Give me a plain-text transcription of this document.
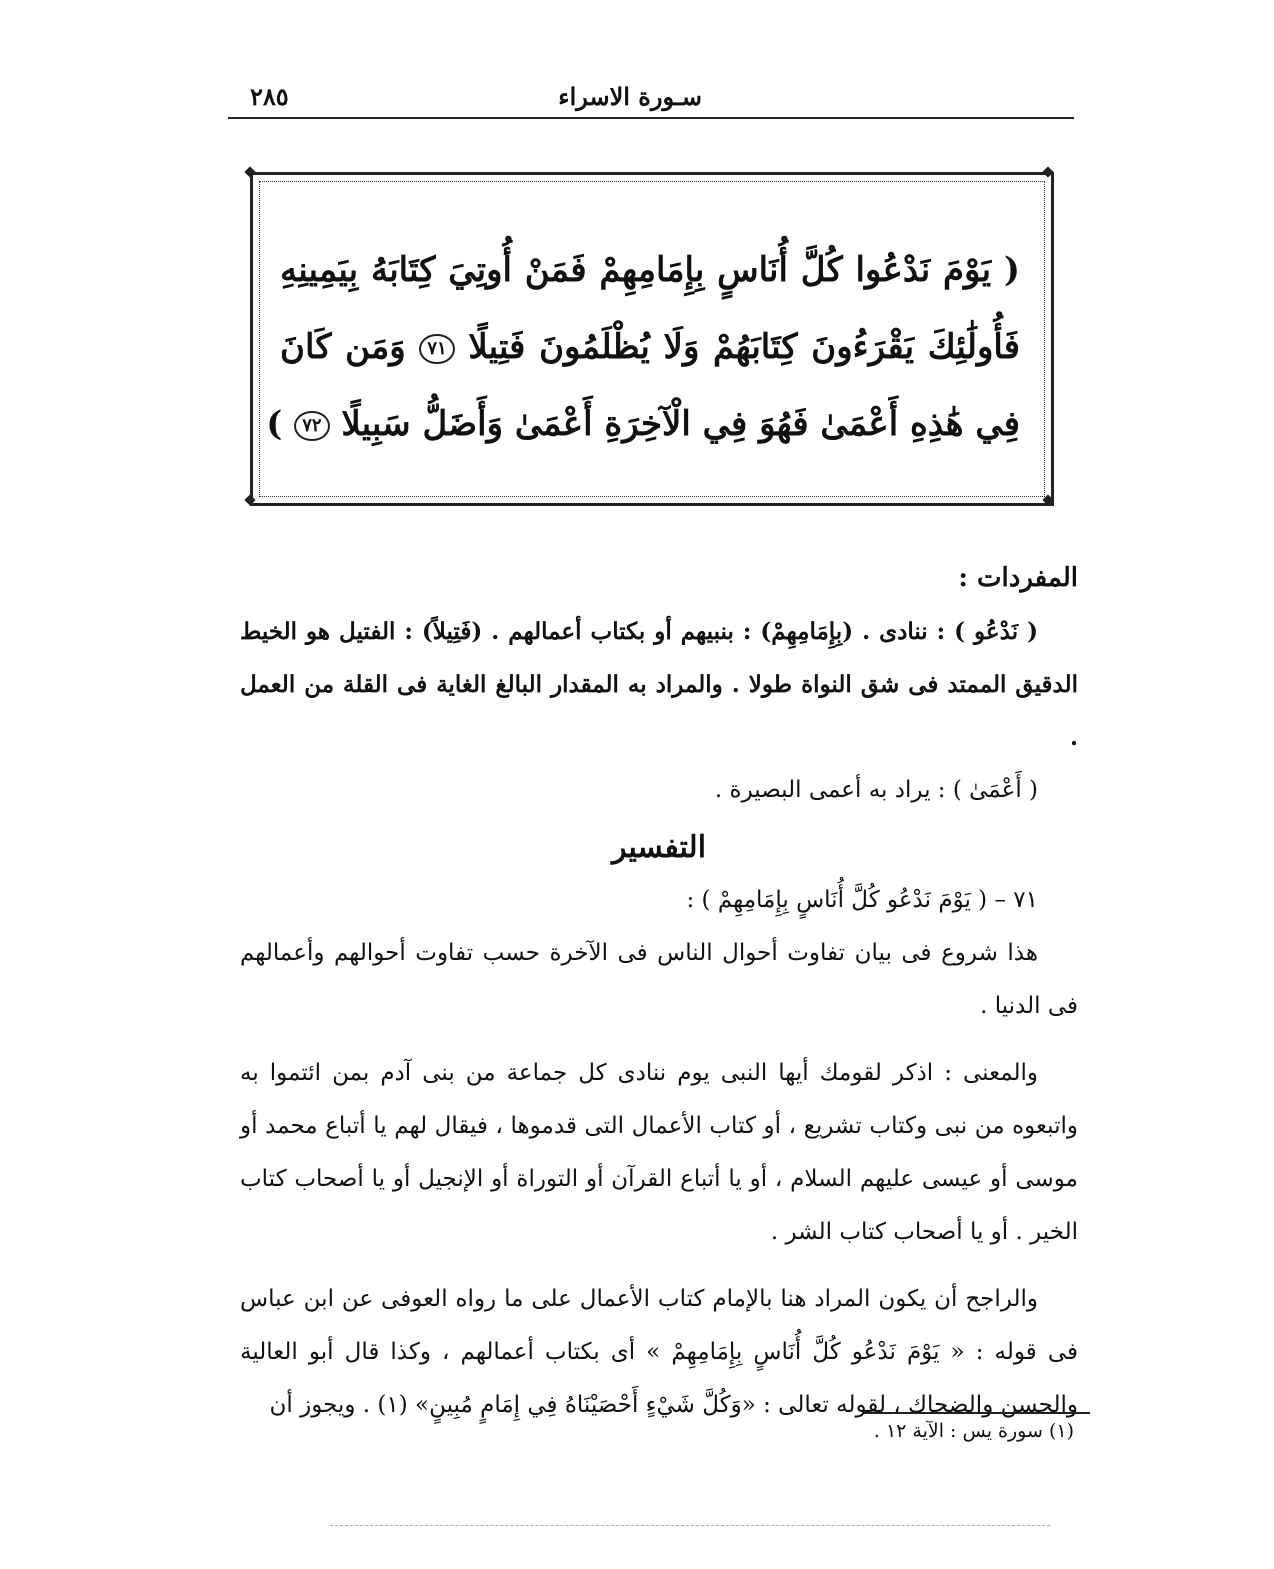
سـورة الاسراء
٢٨٥

( يَوْمَ نَدْعُوا كُلَّ أُنَاسٍ بِإِمَامِهِمْ فَمَنْ أُوتِيَ كِتَابَهُ بِيَمِينِهِ

فَأُولَٰئِكَ يَقْرَءُونَ كِتَابَهُمْ وَلَا يُظْلَمُونَ فَتِيلًا ٧١ وَمَن كَانَ

فِي هَٰذِهِ أَعْمَىٰ فَهُوَ فِي الْآخِرَةِ أَعْمَىٰ وَأَضَلُّ سَبِيلًا ٧٢ )

المفردات :

( نَدْعُو ) : ننادى . (بِإِمَامِهِمْ) : بنبيهم أو بكتاب أعمالهم . (فَتِيلاً) : الفتيل هو الخيط الدقيق الممتد فى شق النواة طولا . والمراد به المقدار البالغ الغاية فى القلة من العمل .

( أَعْمَىٰ ) : يراد به أعمى البصيرة .

التفسير

٧١ – ( يَوْمَ نَدْعُو كُلَّ أُنَاسٍ بِإِمَامِهِمْ ) :

هذا شروع فى بيان تفاوت أحوال الناس فى الآخرة حسب تفاوت أحوالهم وأعمالهم فى الدنيا .

والمعنى : اذكر لقومك أيها النبى يوم ننادى كل جماعة من بنى آدم بمن ائتموا به واتبعوه من نبى وكتاب تشريع ، أو كتاب الأعمال التى قدموها ، فيقال لهم يا أتباع محمد أو موسى أو عيسى عليهم السلام ، أو يا أتباع القرآن أو التوراة أو الإنجيل أو يا أصحاب كتاب الخير . أو يا أصحاب كتاب الشر .

والراجح أن يكون المراد هنا بالإمام كتاب الأعمال على ما رواه العوفى عن ابن عباس فى قوله : « يَوْمَ نَدْعُو كُلَّ أُنَاسٍ بِإِمَامِهِمْ » أى بكتاب أعمالهم ، وكذا قال أبو العالية والحسن والضحاك ، لقوله تعالى : «وَكُلَّ شَيْءٍ أَحْصَيْنَاهُ فِي إِمَامٍ مُبِينٍ» (١) . ويجوز أن

(١) سورة يس : الآية ١٢ .
